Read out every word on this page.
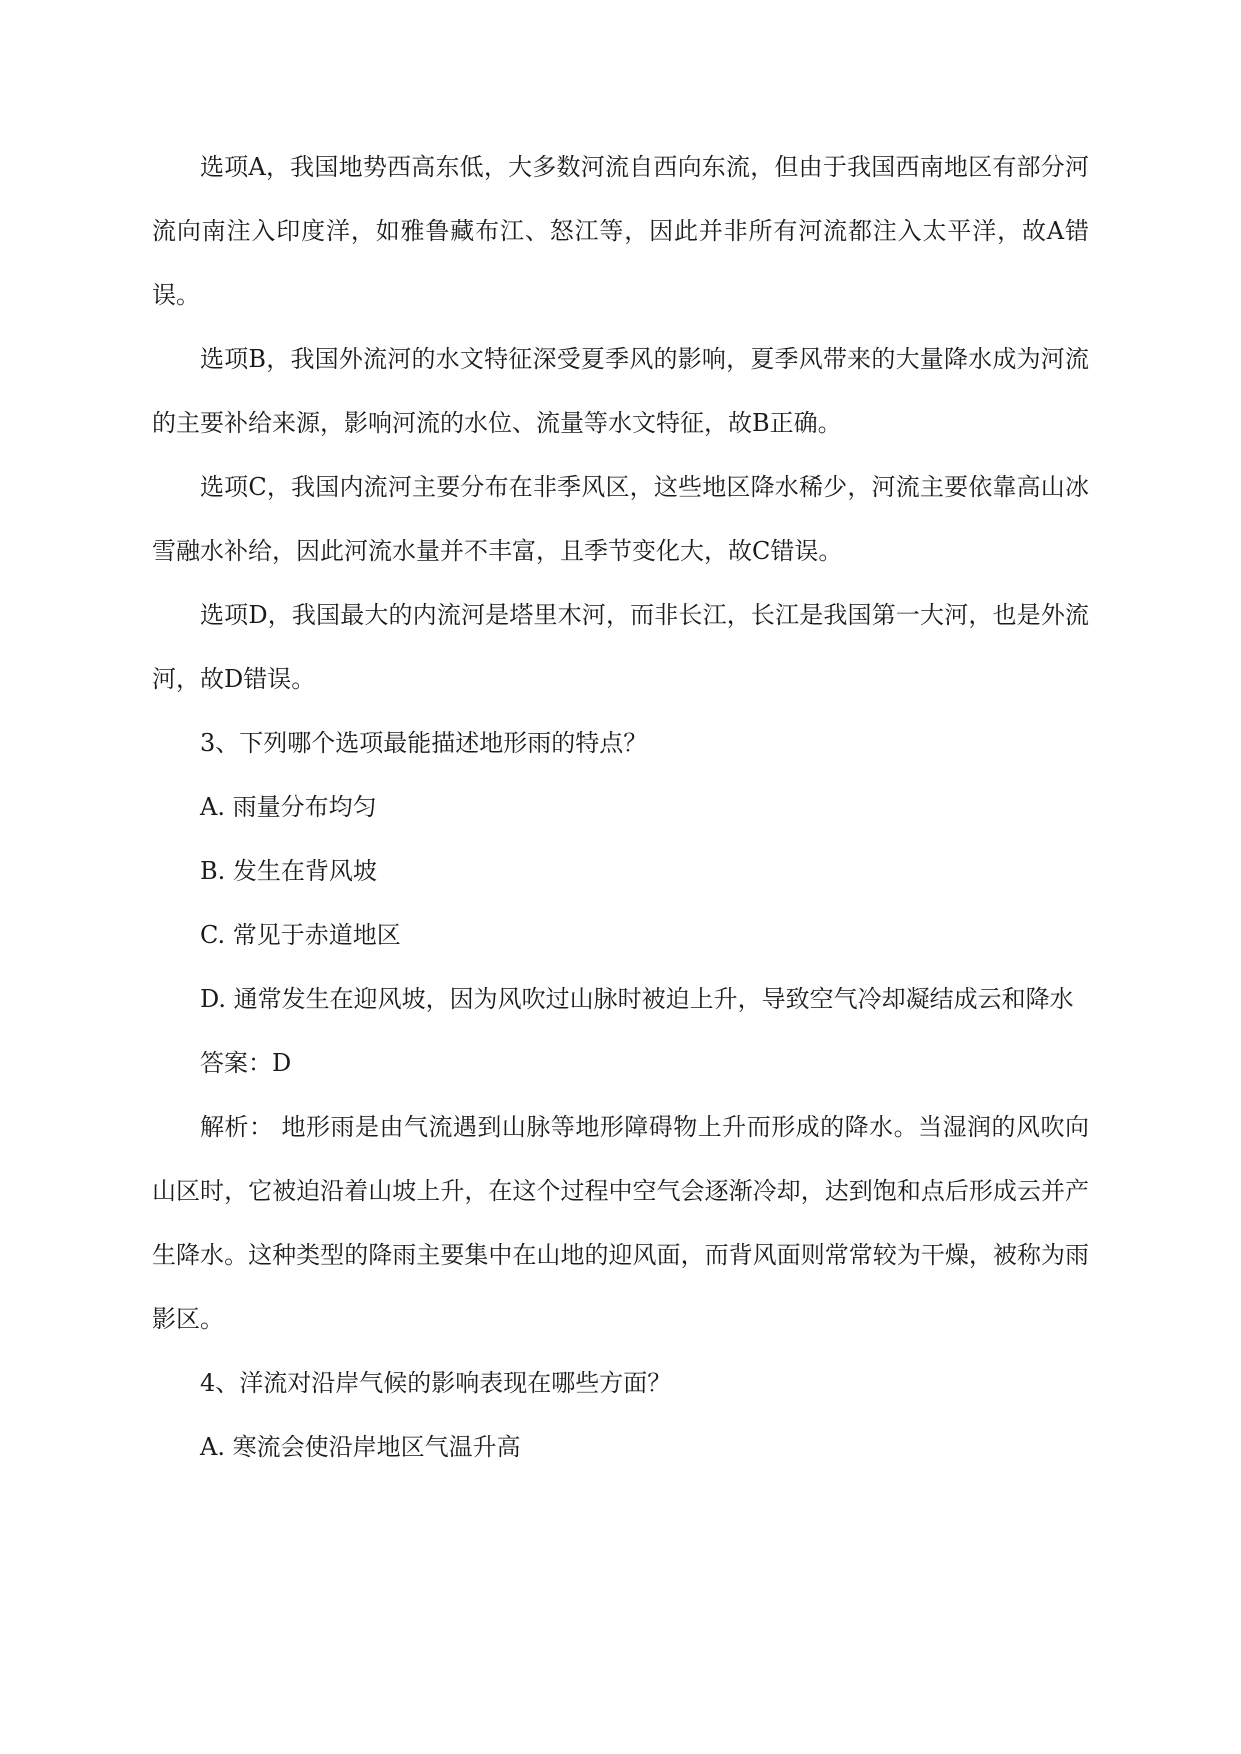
选项A，我国地势西高东低，大多数河流自西向东流，但由于我国西南地区有部分河流向南注入印度洋，如雅鲁藏布江、怒江等，因此并非所有河流都注入太平洋，故A错误。

选项B，我国外流河的水文特征深受夏季风的影响，夏季风带来的大量降水成为河流的主要补给来源，影响河流的水位、流量等水文特征，故B正确。

选项C，我国内流河主要分布在非季风区，这些地区降水稀少，河流主要依靠高山冰雪融水补给，因此河流水量并不丰富，且季节变化大，故C错误。

选项D，我国最大的内流河是塔里木河，而非长江，长江是我国第一大河，也是外流河，故D错误。

3、下列哪个选项最能描述地形雨的特点？

A. 雨量分布均匀

B. 发生在背风坡

C. 常见于赤道地区

D. 通常发生在迎风坡，因为风吹过山脉时被迫上升，导致空气冷却凝结成云和降水

答案：D

解析： 地形雨是由气流遇到山脉等地形障碍物上升而形成的降水。当湿润的风吹向山区时，它被迫沿着山坡上升，在这个过程中空气会逐渐冷却，达到饱和点后形成云并产生降水。这种类型的降雨主要集中在山地的迎风面，而背风面则常常较为干燥，被称为雨影区。

4、洋流对沿岸气候的影响表现在哪些方面？

A. 寒流会使沿岸地区气温升高
